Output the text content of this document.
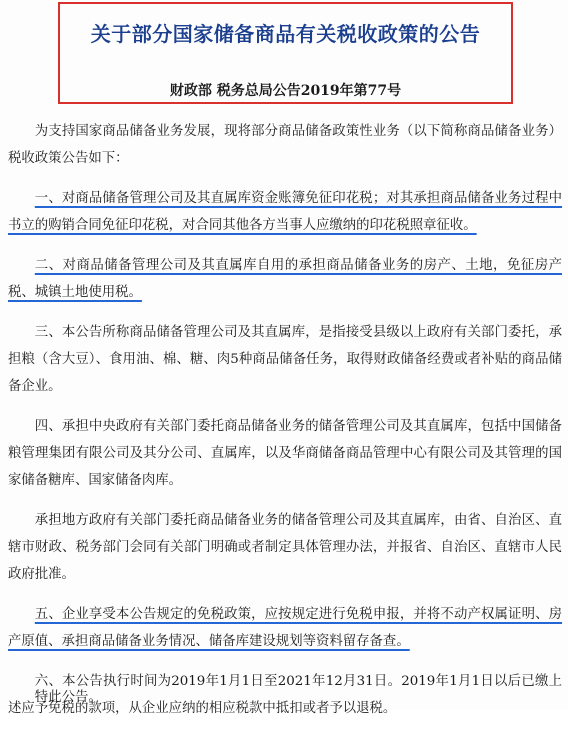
关于部分国家储备商品有关税收政策的公告
财政部 税务总局公告2019年第77号

为支持国家商品储备业务发展，现将部分商品储备政策性业务（以下简称商品储备业务）税收政策公告如下：

一、对商品储备管理公司及其直属库资金账簿免征印花税；对其承担商品储备业务过程中书立的购销合同免征印花税，对合同其他各方当事人应缴纳的印花税照章征收。

二、对商品储备管理公司及其直属库自用的承担商品储备业务的房产、土地，免征房产税、城镇土地使用税。

三、本公告所称商品储备管理公司及其直属库，是指接受县级以上政府有关部门委托，承担粮（含大豆）、食用油、棉、糖、肉5种商品储备任务，取得财政储备经费或者补贴的商品储备企业。

四、承担中央政府有关部门委托商品储备业务的储备管理公司及其直属库，包括中国储备粮管理集团有限公司及其分公司、直属库，以及华商储备商品管理中心有限公司及其管理的国家储备糖库、国家储备肉库。

承担地方政府有关部门委托商品储备业务的储备管理公司及其直属库，由省、自治区、直辖市财政、税务部门会同有关部门明确或者制定具体管理办法，并报省、自治区、直辖市人民政府批准。

五、企业享受本公告规定的免税政策，应按规定进行免税申报，并将不动产权属证明、房产原值、承担商品储备业务情况、储备库建设规划等资料留存备查。

六、本公告执行时间为2019年1月1日至2021年12月31日。2019年1月1日以后已缴上述应予免税的款项，从企业应纳的相应税款中抵扣或者予以退税。

特此公告。
